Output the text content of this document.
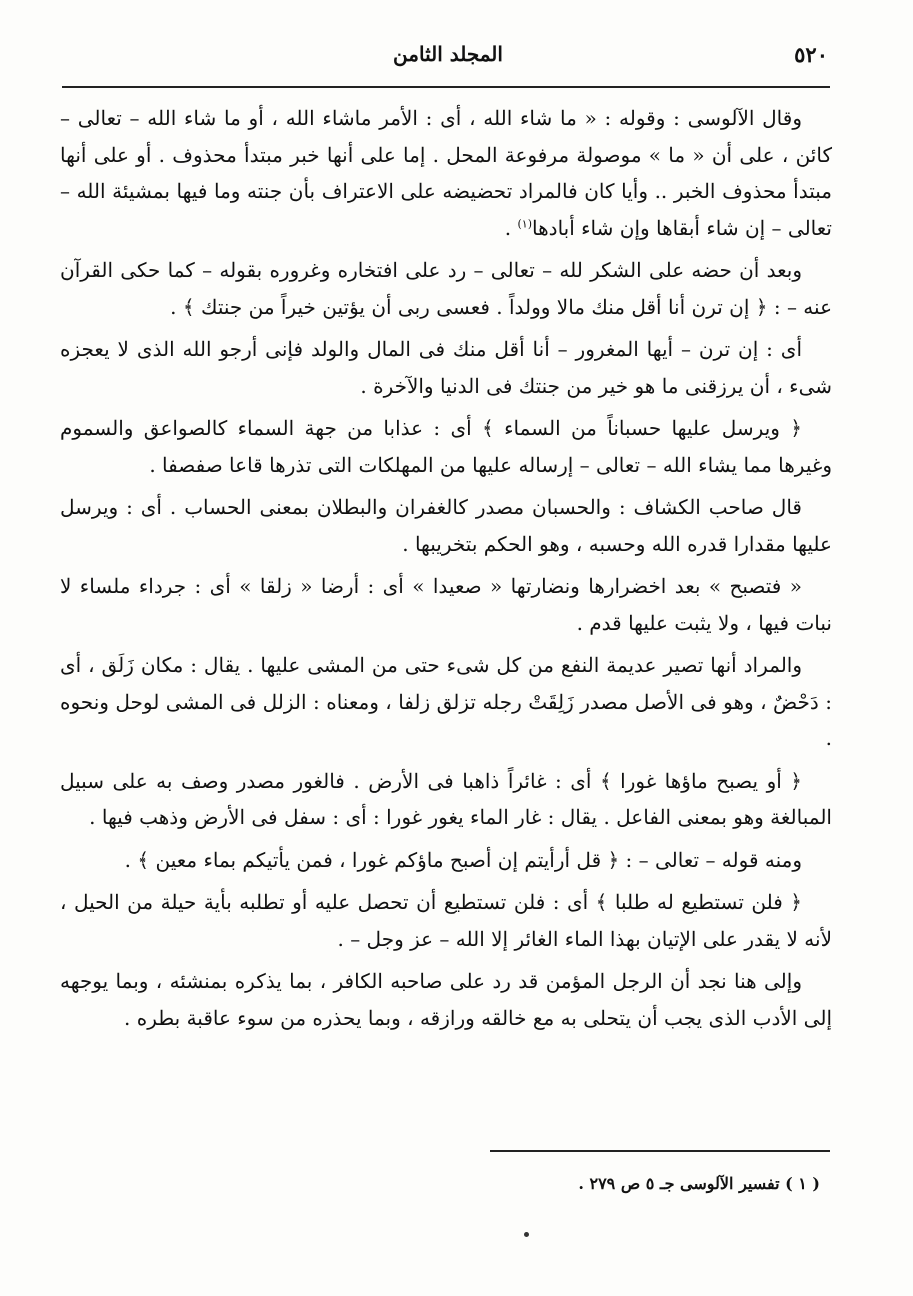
٥٢٠
المجلد الثامن

وقال الآلوسى : وقوله : « ما شاء الله ، أى : الأمر ماشاء الله ، أو ما شاء الله – تعالى – كائن ، على أن « ما » موصولة مرفوعة المحل . إما على أنها خبر مبتدأ محذوف . أو على أنها مبتدأ محذوف الخبر .. وأيا كان فالمراد تحضيضه على الاعتراف بأن جنته وما فيها بمشيئة الله – تعالى – إن شاء أبقاها وإن شاء أبادها$^{(١)}$ .

وبعد أن حضه على الشكر لله – تعالى – رد على افتخاره وغروره بقوله – كما حكى القرآن عنه – : ﴿ إن ترن أنا أقل منك مالا وولداً . فعسى ربى أن يؤتين خيراً من جنتك ﴾ .

أى : إن ترن – أيها المغرور – أنا أقل منك فى المال والولد فإنى أرجو الله الذى لا يعجزه شىء ، أن يرزقنى ما هو خير من جنتك فى الدنيا والآخرة .

﴿ ويرسل عليها حسباناً من السماء ﴾ أى : عذابا من جهة السماء كالصواعق والسموم وغيرها مما يشاء الله – تعالى – إرساله عليها من المهلكات التى تذرها قاعا صفصفا .

قال صاحب الكشاف : والحسبان مصدر كالغفران والبطلان بمعنى الحساب . أى : ويرسل عليها مقدارا قدره الله وحسبه ، وهو الحكم بتخريبها .

« فتصبح » بعد اخضرارها ونضارتها « صعيدا » أى : أرضا « زلقا » أى : جرداء ملساء لا نبات فيها ، ولا يثبت عليها قدم .

والمراد أنها تصير عديمة النفع من كل شىء حتى من المشى عليها . يقال : مكان زَلَق ، أى : دَحْضٌ ، وهو فى الأصل مصدر زَلِقَتْ رجله تزلق زلفا ، ومعناه : الزلل فى المشى لوحل ونحوه .

﴿ أو يصبح ماؤها غورا ﴾ أى : غائراً ذاهبا فى الأرض . فالغور مصدر وصف به على سبيل المبالغة وهو بمعنى الفاعل . يقال : غار الماء يغور غورا : أى : سفل فى الأرض وذهب فيها .

ومنه قوله – تعالى – : ﴿ قل أرأيتم إن أصبح ماؤكم غورا ، فمن يأتيكم بماء معين ﴾ .

﴿ فلن تستطيع له طلبا ﴾ أى : فلن تستطيع أن تحصل عليه أو تطلبه بأية حيلة من الحيل ، لأنه لا يقدر على الإتيان بهذا الماء الغائر إلا الله – عز وجل – .

وإلى هنا نجد أن الرجل المؤمن قد رد على صاحبه الكافر ، بما يذكره بمنشئه ، وبما يوجهه إلى الأدب الذى يجب أن يتحلى به مع خالقه ورازقه ، وبما يحذره من سوء عاقبة بطره .

( ١ ) تفسير الآلوسى جـ ٥ ص ٢٧٩ .
